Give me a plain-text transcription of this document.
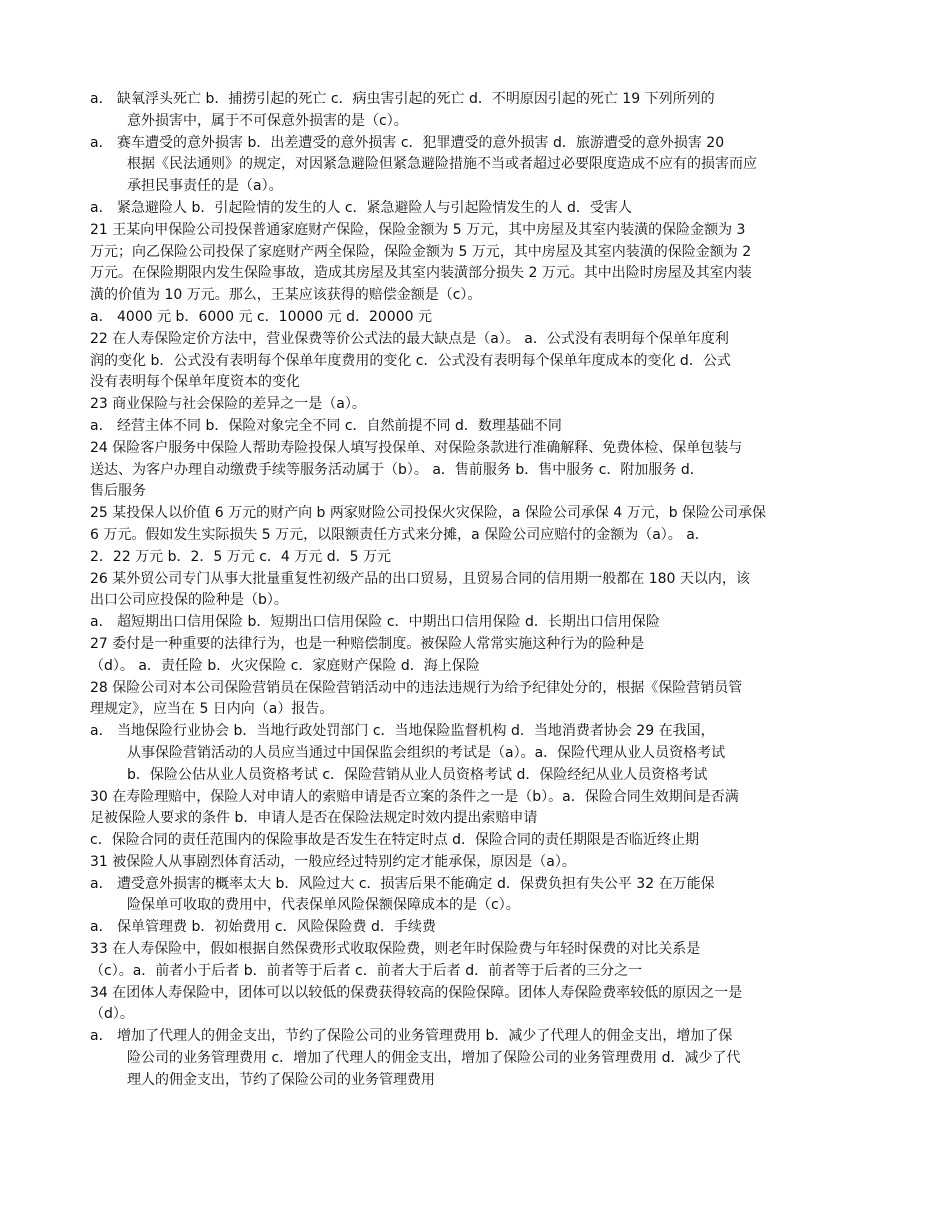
a． 缺氧浮头死亡 b．捕捞引起的死亡 c．病虫害引起的死亡 d．不明原因引起的死亡 19 下列所列的
意外损害中，属于不可保意外损害的是（c）。
a． 赛车遭受的意外损害 b．出差遭受的意外损害 c．犯罪遭受的意外损害 d．旅游遭受的意外损害 20
根据《民法通则》的规定，对因紧急避险但紧急避险措施不当或者超过必要限度造成不应有的损害而应
承担民事责任的是（a）。
a． 紧急避险人 b．引起险情的发生的人 c．紧急避险人与引起险情发生的人 d．受害人
21 王某向甲保险公司投保普通家庭财产保险，保险金额为 5 万元，其中房屋及其室内装潢的保险金额为 3
万元；向乙保险公司投保了家庭财产两全保险，保险金额为 5 万元，其中房屋及其室内装潢的保险金额为 2
万元。在保险期限内发生保险事故，造成其房屋及其室内装潢部分损失 2 万元。其中出险时房屋及其室内装
潢的价值为 10 万元。那么，王某应该获得的赔偿金额是（c）。
a． 4000 元 b．6000 元 c．10000 元 d．20000 元
22 在人寿保险定价方法中，营业保费等价公式法的最大缺点是（a）。 a．公式没有表明每个保单年度利
润的变化 b．公式没有表明每个保单年度费用的变化 c．公式没有表明每个保单年度成本的变化 d．公式
没有表明每个保单年度资本的变化
23 商业保险与社会保险的差异之一是（a）。
a． 经营主体不同 b．保险对象完全不同 c．自然前提不同 d．数理基础不同
24 保险客户服务中保险人帮助寿险投保人填写投保单、对保险条款进行准确解释、免费体检、保单包装与
送达、为客户办理自动缴费手续等服务活动属于（b）。 a．售前服务 b．售中服务 c．附加服务 d．
售后服务
25 某投保人以价值 6 万元的财产向 b 两家财险公司投保火灾保险，a 保险公司承保 4 万元，b 保险公司承保
6 万元。假如发生实际损失 5 万元，以限额责任方式来分摊，a 保险公司应赔付的金额为（a）。 a．
2．22 万元 b．2．5 万元 c．4 万元 d．5 万元
26 某外贸公司专门从事大批量重复性初级产品的出口贸易，且贸易合同的信用期一般都在 180 天以内，该
出口公司应投保的险种是（b）。
a． 超短期出口信用保险 b．短期出口信用保险 c．中期出口信用保险 d．长期出口信用保险
27 委付是一种重要的法律行为，也是一种赔偿制度。被保险人常常实施这种行为的险种是
（d）。 a．责任险 b．火灾保险 c．家庭财产保险 d．海上保险
28 保险公司对本公司保险营销员在保险营销活动中的违法违规行为给予纪律处分的，根据《保险营销员管
理规定》，应当在 5 日内向（a）报告。
a． 当地保险行业协会 b．当地行政处罚部门 c．当地保险监督机构 d．当地消费者协会 29 在我国，
从事保险营销活动的人员应当通过中国保监会组织的考试是（a）。a．保险代理从业人员资格考试
b．保险公估从业人员资格考试 c．保险营销从业人员资格考试 d．保险经纪从业人员资格考试
30 在寿险理赔中，保险人对申请人的索赔申请是否立案的条件之一是（b）。a．保险合同生效期间是否满
足被保险人要求的条件 b．申请人是否在保险法规定时效内提出索赔申请
c．保险合同的责任范围内的保险事故是否发生在特定时点 d．保险合同的责任期限是否临近终止期
31 被保险人从事剧烈体育活动，一般应经过特别约定才能承保，原因是（a）。
a． 遭受意外损害的概率太大 b．风险过大 c．损害后果不能确定 d．保费负担有失公平 32 在万能保
险保单可收取的费用中，代表保单风险保额保障成本的是（c）。
a． 保单管理费 b．初始费用 c．风险保险费 d．手续费
33 在人寿保险中，假如根据自然保费形式收取保险费，则老年时保险费与年轻时保费的对比关系是
（c）。a．前者小于后者 b．前者等于后者 c．前者大于后者 d．前者等于后者的三分之一
34 在团体人寿保险中，团体可以以较低的保费获得较高的保险保障。团体人寿保险费率较低的原因之一是
（d）。
a． 增加了代理人的佣金支出，节约了保险公司的业务管理费用 b．减少了代理人的佣金支出，增加了保
险公司的业务管理费用 c．增加了代理人的佣金支出，增加了保险公司的业务管理费用 d．减少了代
理人的佣金支出，节约了保险公司的业务管理费用
